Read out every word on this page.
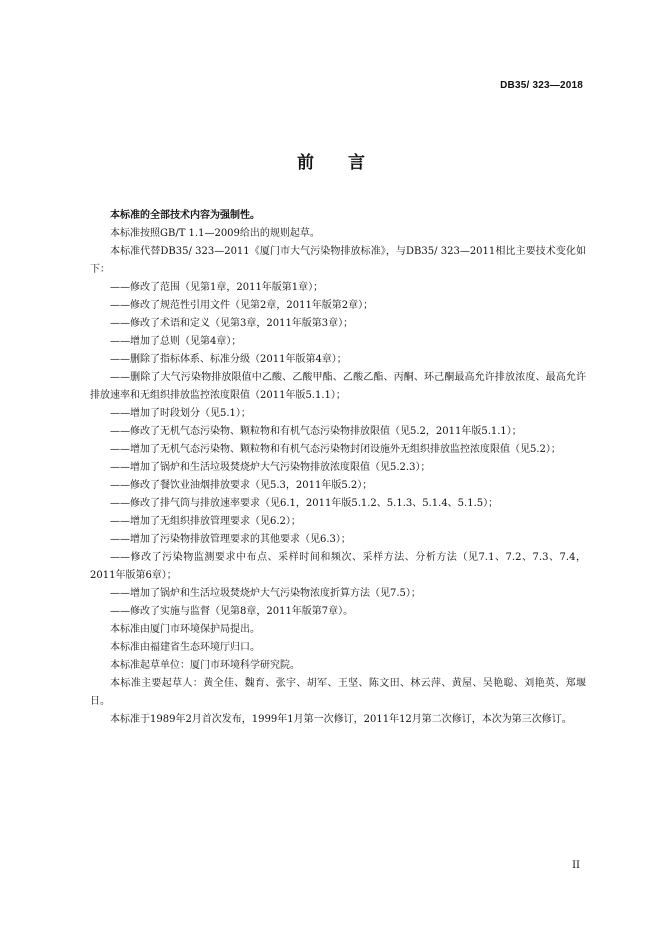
DB35/ 323—2018
前 言

本标准的全部技术内容为强制性。

本标准按照GB/T 1.1—2009给出的规则起草。

本标准代替DB35/ 323—2011《厦门市大气污染物排放标准》，与DB35/ 323—2011相比主要技术变化如下：

——修改了范围（见第1章，2011年版第1章）；

——修改了规范性引用文件（见第2章，2011年版第2章）；

——修改了术语和定义（见第3章，2011年版第3章）；

——增加了总则（见第4章）；

——删除了指标体系、标准分级（2011年版第4章）；

——删除了大气污染物排放限值中乙酸、乙酸甲酯、乙酸乙酯、丙酮、环己酮最高允许排放浓度、最高允许排放速率和无组织排放监控浓度限值（2011年版5.1.1）；

——增加了时段划分（见5.1）；

——修改了无机气态污染物、颗粒物和有机气态污染物排放限值（见5.2，2011年版5.1.1）；

——增加了无机气态污染物、颗粒物和有机气态污染物封闭设施外无组织排放监控浓度限值（见5.2）；

——增加了锅炉和生活垃圾焚烧炉大气污染物排放浓度限值（见5.2.3）；

——修改了餐饮业油烟排放要求（见5.3，2011年版5.2）；

——修改了排气筒与排放速率要求（见6.1，2011年版5.1.2、5.1.3、5.1.4、5.1.5）；

——增加了无组织排放管理要求（见6.2）；

——增加了污染物排放管理要求的其他要求（见6.3）；

——修改了污染物监测要求中布点、采样时间和频次、采样方法、分析方法（见7.1、7.2、7.3、7.4，2011年版第6章）；

——增加了锅炉和生活垃圾焚烧炉大气污染物浓度折算方法（见7.5）；

——修改了实施与监督（见第8章，2011年版第7章）。

本标准由厦门市环境保护局提出。

本标准由福建省生态环境厅归口。

本标准起草单位：厦门市环境科学研究院。

本标准主要起草人：黄全佳、魏育、张宇、胡军、王坚、陈文田、林云萍、黄屋、吴艳聪、刘艳英、郑堰日。

本标准于1989年2月首次发布，1999年1月第一次修订，2011年12月第二次修订，本次为第三次修订。

II
